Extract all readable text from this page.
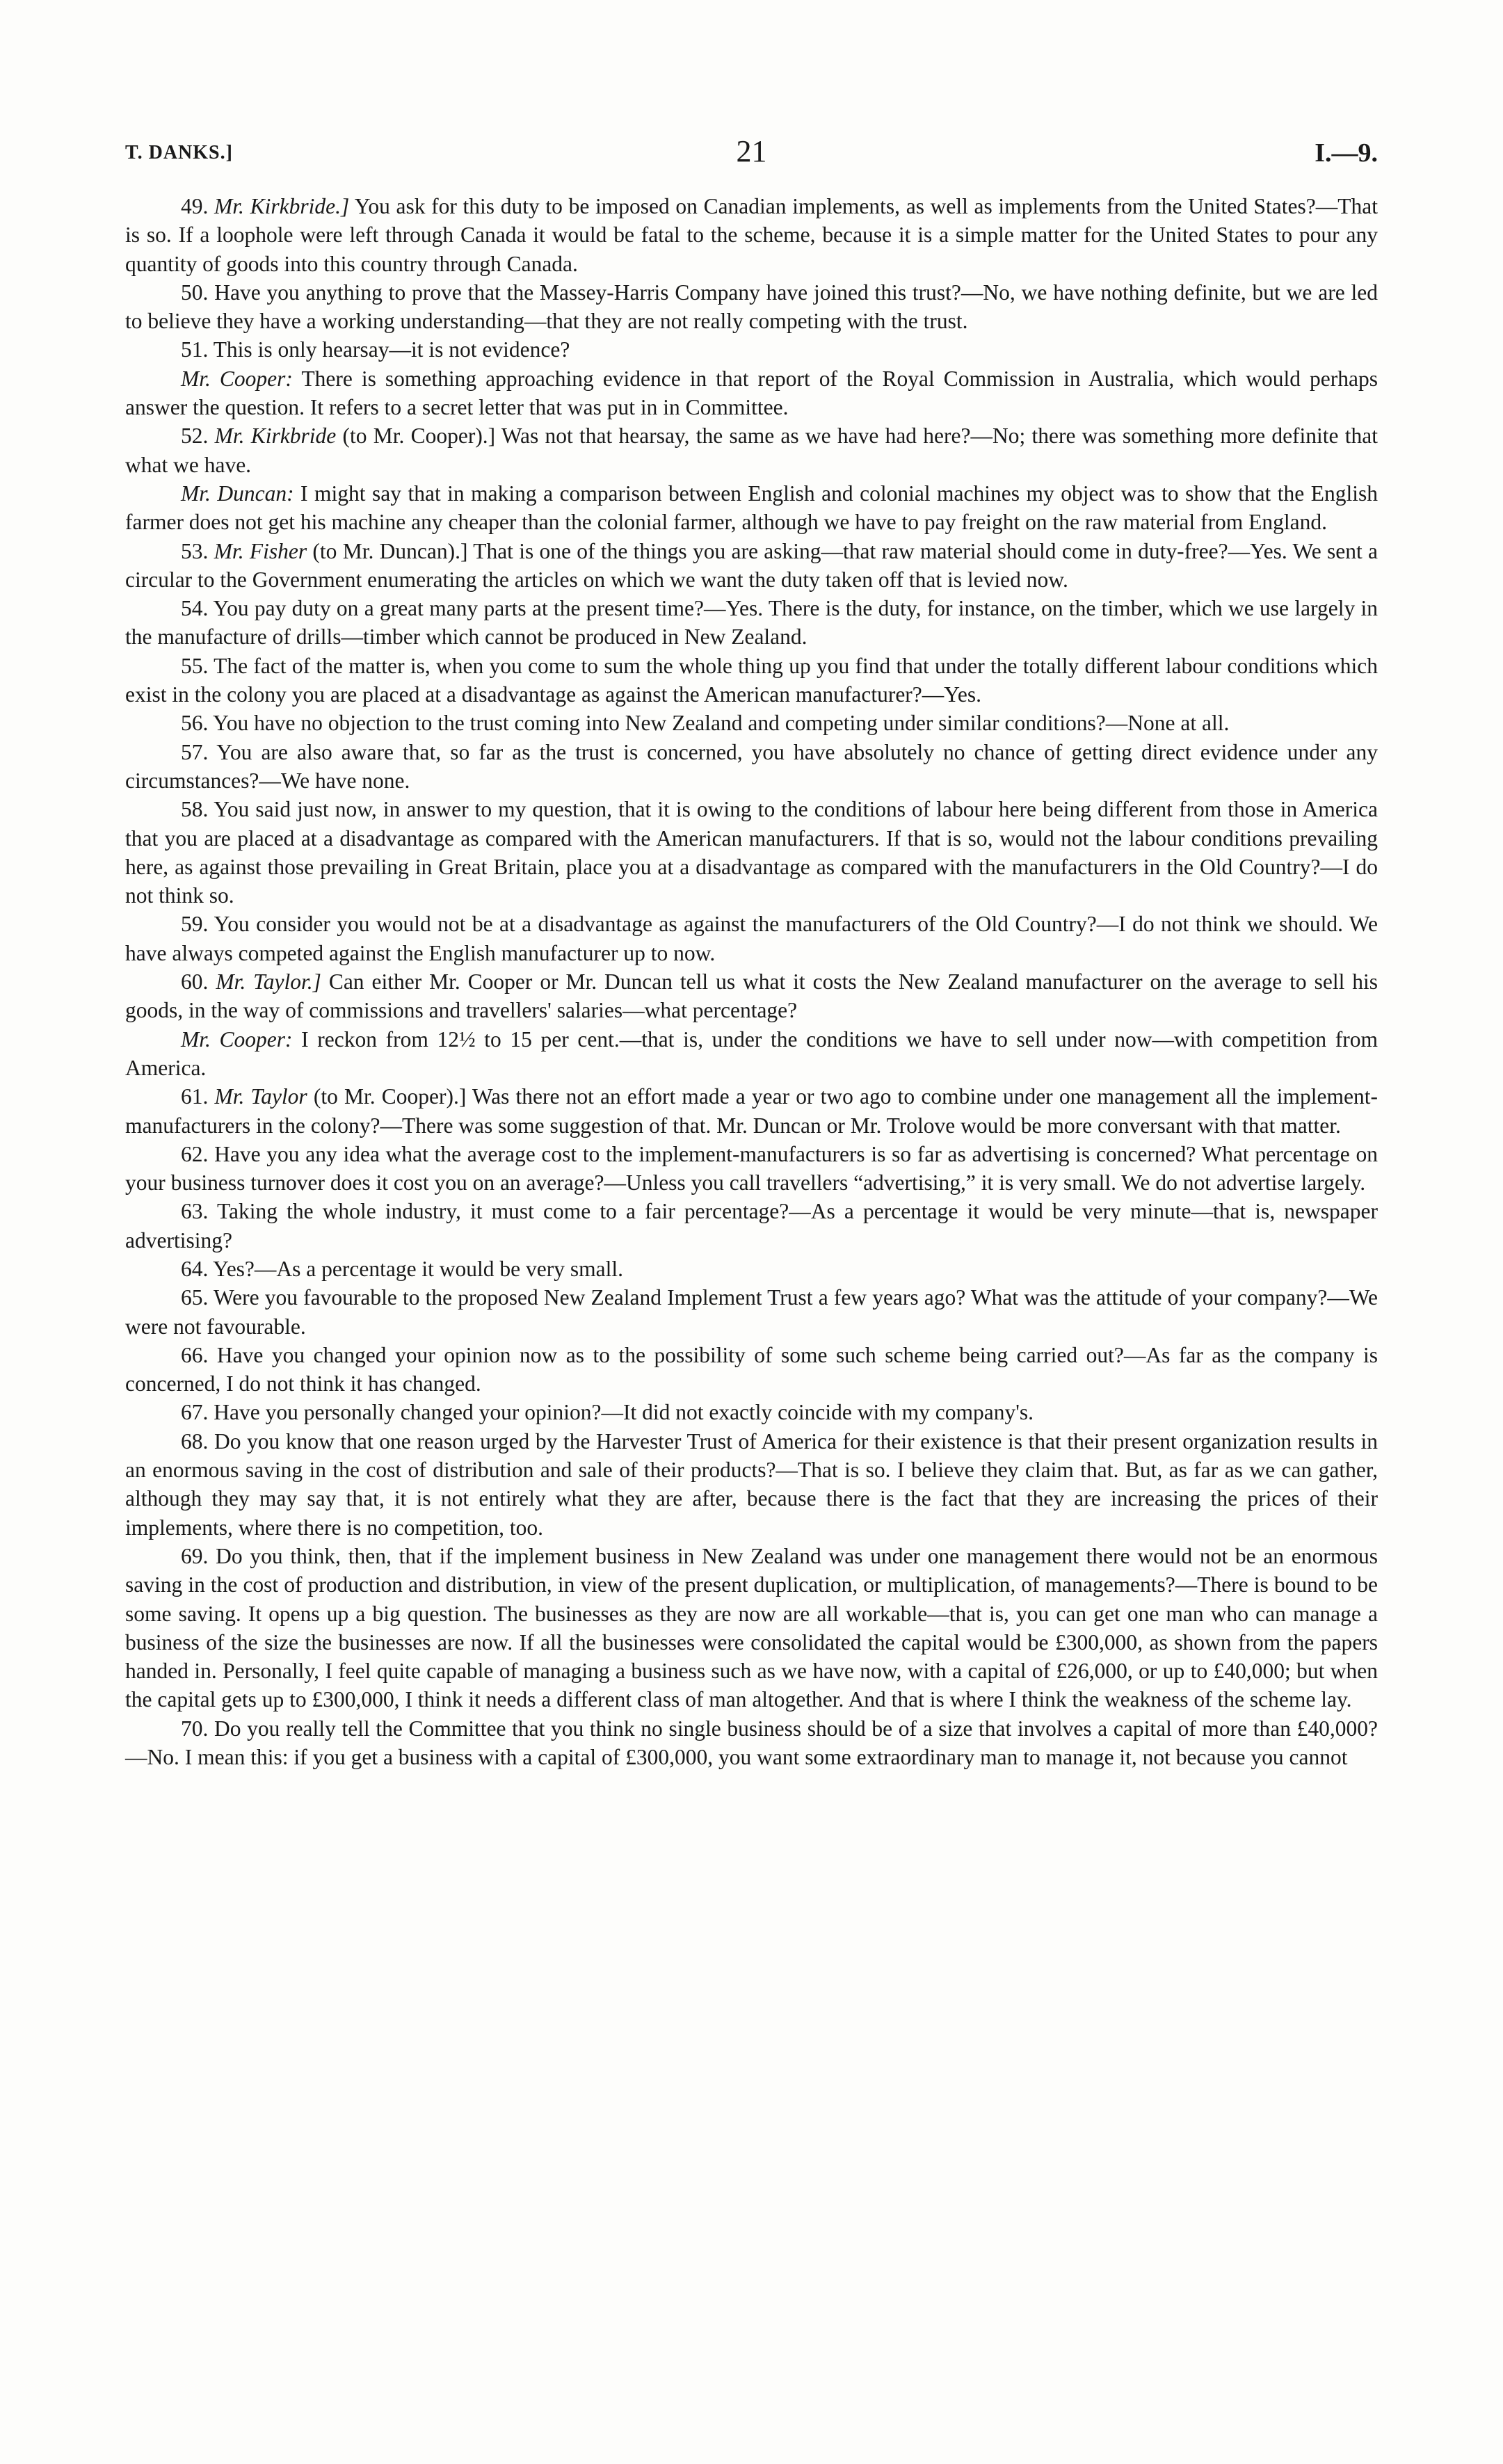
T. DANKS.]	21	I.—9.

49. Mr. Kirkbride.] You ask for this duty to be imposed on Canadian implements, as well as implements from the United States?—That is so. If a loophole were left through Canada it would be fatal to the scheme, because it is a simple matter for the United States to pour any quantity of goods into this country through Canada.

50. Have you anything to prove that the Massey-Harris Company have joined this trust?—No, we have nothing definite, but we are led to believe they have a working understanding—that they are not really competing with the trust.

51. This is only hearsay—it is not evidence?

Mr. Cooper: There is something approaching evidence in that report of the Royal Commission in Australia, which would perhaps answer the question. It refers to a secret letter that was put in in Committee.

52. Mr. Kirkbride (to Mr. Cooper).] Was not that hearsay, the same as we have had here?—No; there was something more definite that what we have.

Mr. Duncan: I might say that in making a comparison between English and colonial machines my object was to show that the English farmer does not get his machine any cheaper than the colonial farmer, although we have to pay freight on the raw material from England.

53. Mr. Fisher (to Mr. Duncan).] That is one of the things you are asking—that raw material should come in duty-free?—Yes. We sent a circular to the Government enumerating the articles on which we want the duty taken off that is levied now.

54. You pay duty on a great many parts at the present time?—Yes. There is the duty, for instance, on the timber, which we use largely in the manufacture of drills—timber which cannot be produced in New Zealand.

55. The fact of the matter is, when you come to sum the whole thing up you find that under the totally different labour conditions which exist in the colony you are placed at a disadvantage as against the American manufacturer?—Yes.

56. You have no objection to the trust coming into New Zealand and competing under similar conditions?—None at all.

57. You are also aware that, so far as the trust is concerned, you have absolutely no chance of getting direct evidence under any circumstances?—We have none.

58. You said just now, in answer to my question, that it is owing to the conditions of labour here being different from those in America that you are placed at a disadvantage as compared with the American manufacturers. If that is so, would not the labour conditions prevailing here, as against those prevailing in Great Britain, place you at a disadvantage as compared with the manufacturers in the Old Country?—I do not think so.

59. You consider you would not be at a disadvantage as against the manufacturers of the Old Country?—I do not think we should. We have always competed against the English manufacturer up to now.

60. Mr. Taylor.] Can either Mr. Cooper or Mr. Duncan tell us what it costs the New Zealand manufacturer on the average to sell his goods, in the way of commissions and travellers' salaries—what percentage?

Mr. Cooper: I reckon from 12½ to 15 per cent.—that is, under the conditions we have to sell under now—with competition from America.

61. Mr. Taylor (to Mr. Cooper).] Was there not an effort made a year or two ago to combine under one management all the implement-manufacturers in the colony?—There was some suggestion of that. Mr. Duncan or Mr. Trolove would be more conversant with that matter.

62. Have you any idea what the average cost to the implement-manufacturers is so far as advertising is concerned? What percentage on your business turnover does it cost you on an average?—Unless you call travellers “advertising,” it is very small. We do not advertise largely.

63. Taking the whole industry, it must come to a fair percentage?—As a percentage it would be very minute—that is, newspaper advertising?

64. Yes?—As a percentage it would be very small.

65. Were you favourable to the proposed New Zealand Implement Trust a few years ago? What was the attitude of your company?—We were not favourable.

66. Have you changed your opinion now as to the possibility of some such scheme being carried out?—As far as the company is concerned, I do not think it has changed.

67. Have you personally changed your opinion?—It did not exactly coincide with my company's.

68. Do you know that one reason urged by the Harvester Trust of America for their existence is that their present organization results in an enormous saving in the cost of distribution and sale of their products?—That is so. I believe they claim that. But, as far as we can gather, although they may say that, it is not entirely what they are after, because there is the fact that they are increasing the prices of their implements, where there is no competition, too.

69. Do you think, then, that if the implement business in New Zealand was under one management there would not be an enormous saving in the cost of production and distribution, in view of the present duplication, or multiplication, of managements?—There is bound to be some saving. It opens up a big question. The businesses as they are now are all workable—that is, you can get one man who can manage a business of the size the businesses are now. If all the businesses were consolidated the capital would be £300,000, as shown from the papers handed in. Personally, I feel quite capable of managing a business such as we have now, with a capital of £26,000, or up to £40,000; but when the capital gets up to £300,000, I think it needs a different class of man altogether. And that is where I think the weakness of the scheme lay.

70. Do you really tell the Committee that you think no single business should be of a size that involves a capital of more than £40,000?—No. I mean this: if you get a business with a capital of £300,000, you want some extraordinary man to manage it, not because you cannot
